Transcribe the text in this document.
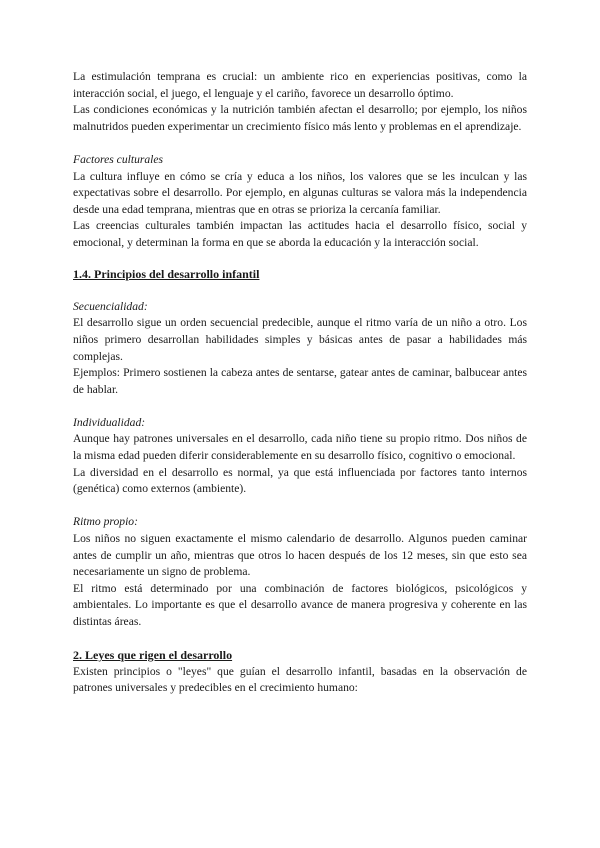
La estimulación temprana es crucial: un ambiente rico en experiencias positivas, como la interacción social, el juego, el lenguaje y el cariño, favorece un desarrollo óptimo.

Las condiciones económicas y la nutrición también afectan el desarrollo; por ejemplo, los niños malnutridos pueden experimentar un crecimiento físico más lento y problemas en el aprendizaje.

Factores culturales

La cultura influye en cómo se cría y educa a los niños, los valores que se les inculcan y las expectativas sobre el desarrollo. Por ejemplo, en algunas culturas se valora más la independencia desde una edad temprana, mientras que en otras se prioriza la cercanía familiar.

Las creencias culturales también impactan las actitudes hacia el desarrollo físico, social y emocional, y determinan la forma en que se aborda la educación y la interacción social.

1.4. Principios del desarrollo infantil

Secuencialidad:

El desarrollo sigue un orden secuencial predecible, aunque el ritmo varía de un niño a otro. Los niños primero desarrollan habilidades simples y básicas antes de pasar a habilidades más complejas.

Ejemplos: Primero sostienen la cabeza antes de sentarse, gatear antes de caminar, balbucear antes de hablar.

Individualidad:

Aunque hay patrones universales en el desarrollo, cada niño tiene su propio ritmo. Dos niños de la misma edad pueden diferir considerablemente en su desarrollo físico, cognitivo o emocional.

La diversidad en el desarrollo es normal, ya que está influenciada por factores tanto internos (genética) como externos (ambiente).

Ritmo propio:

Los niños no siguen exactamente el mismo calendario de desarrollo. Algunos pueden caminar antes de cumplir un año, mientras que otros lo hacen después de los 12 meses, sin que esto sea necesariamente un signo de problema.

El ritmo está determinado por una combinación de factores biológicos, psicológicos y ambientales. Lo importante es que el desarrollo avance de manera progresiva y coherente en las distintas áreas.

2. Leyes que rigen el desarrollo

Existen principios o "leyes" que guían el desarrollo infantil, basadas en la observación de patrones universales y predecibles en el crecimiento humano:
